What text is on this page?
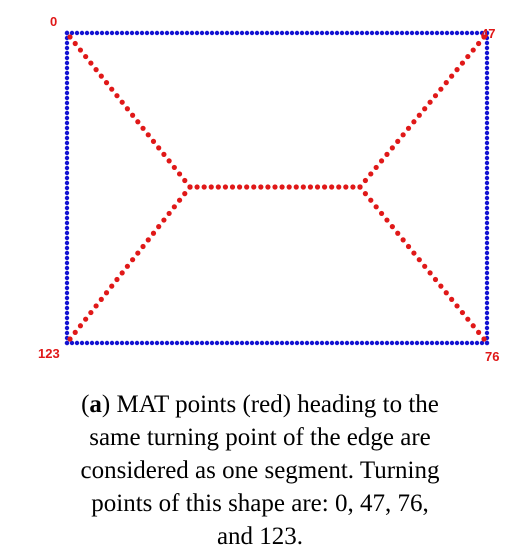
0
47
76
123
(a) MAT points (red) heading to the
same turning point of the edge are
considered as one segment. Turning
points of this shape are: 0, 47, 76,
and 123.
